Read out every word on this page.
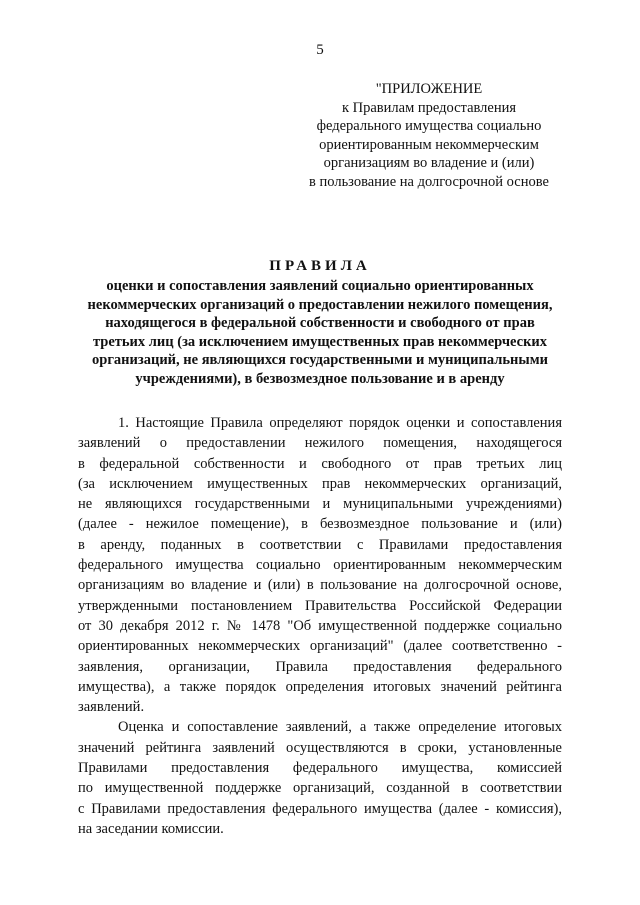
5
"ПРИЛОЖЕНИЕ
к Правилам предоставления
федерального имущества социально
ориентированным некоммерческим
организациям во владение и (или)
в пользование на долгосрочной основе
ПРАВИЛА
оценки и сопоставления заявлений социально ориентированных
некоммерческих организаций о предоставлении нежилого помещения,
находящегося в федеральной собственности и свободного от прав
третьих лиц (за исключением имущественных прав некоммерческих
организаций, не являющихся государственными и муниципальными
учреждениями), в безвозмездное пользование и в аренду
1. Настоящие Правила определяют порядок оценки и сопоставления
заявлений о предоставлении нежилого помещения, находящегося
в федеральной собственности и свободного от прав третьих лиц
(за исключением имущественных прав некоммерческих организаций,
не являющихся государственными и муниципальными учреждениями)
(далее - нежилое помещение), в безвозмездное пользование и (или)
в аренду, поданных в соответствии с Правилами предоставления
федерального имущества социально ориентированным некоммерческим
организациям во владение и (или) в пользование на долгосрочной основе,
утвержденными постановлением Правительства Российской Федерации
от 30 декабря 2012 г. № 1478 "Об имущественной поддержке социально
ориентированных некоммерческих организаций" (далее соответственно -
заявления, организации, Правила предоставления федерального
имущества), а также порядок определения итоговых значений рейтинга
заявлений.
Оценка и сопоставление заявлений, а также определение итоговых
значений рейтинга заявлений осуществляются в сроки, установленные
Правилами предоставления федерального имущества, комиссией
по имущественной поддержке организаций, созданной в соответствии
с Правилами предоставления федерального имущества (далее - комиссия),
на заседании комиссии.
